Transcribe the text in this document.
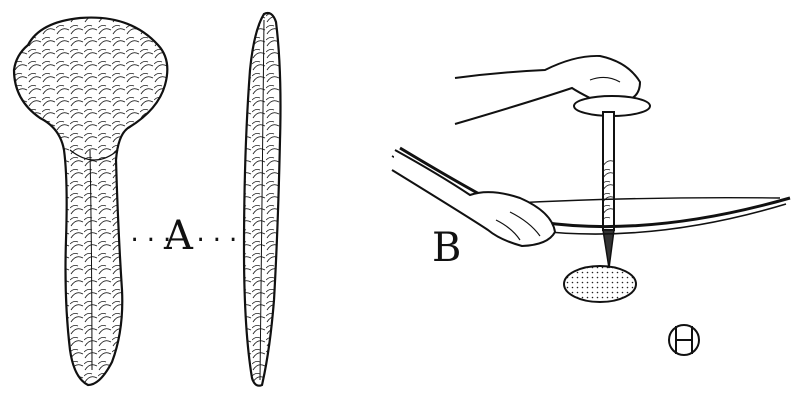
...
A ...	B
